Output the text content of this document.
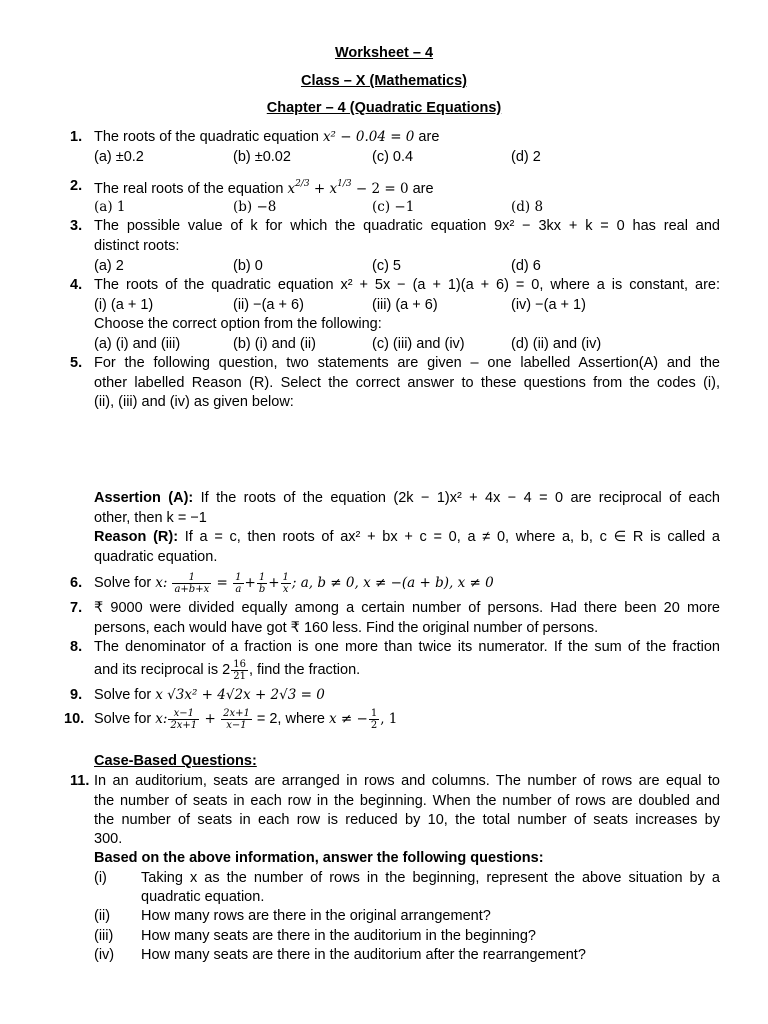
Worksheet – 4
Class – X (Mathematics)
Chapter – 4 (Quadratic Equations)
1. The roots of the quadratic equation x² − 0.04 = 0 are
(a) ±0.2	(b) ±0.02	(c) 0.4	(d) 2
2. The real roots of the equation $x^{2/3} + x^{1/3} - 2 = 0$ are
(a) 1	(b) −8	(c) −1	(d) 8
3. The possible value of k for which the quadratic equation 9x² − 3kx + k = 0 has real and
distinct roots:
(a) 2	(b) 0	(c) 5	(d) 6
4. The roots of the quadratic equation x² + 5x − (a + 1)(a + 6) = 0, where a is constant, are:
(i) (a + 1)	(ii) −(a + 6)	(iii) (a + 6)	(iv) −(a + 1)
Choose the correct option from the following:
(a) (i) and (iii)	(b) (i) and (ii)	(c) (iii) and (iv)	(d) (ii) and (iv)
5. For the following question, two statements are given – one labelled Assertion(A) and the
other labelled Reason (R). Select the correct answer to these questions from the codes (i),
(ii), (iii) and (iv) as given below:
Assertion (A): If the roots of the equation (2k − 1)x² + 4x − 4 = 0 are reciprocal of each
other, then k = −1
Reason (R): If a = c, then roots of ax² + bx + c = 0, a ≠ 0, where a, b, c ∈ R is called a
quadratic equation.
6. Solve for x: $\frac{1}{a+b+x} = \frac{1}{a} + \frac{1}{b} + \frac{1}{x}$ ; a, b ≠ 0, x ≠ −(a + b), x ≠ 0
7. ₹ 9000 were divided equally among a certain number of persons. Had there been 20 more
persons, each would have got ₹ 160 less. Find the original number of persons.
8. The denominator of a fraction is one more than twice its numerator. If the sum of the fraction
and its reciprocal is $2 \frac{16}{21}$ , find the fraction.
9. Solve for x √3x² + 4√2x + 2√3 = 0
10. Solve for x: $\frac{x-1}{2x+1} + \frac{2x+1}{x-1} = 2$, where x ≠ − $\frac{1}{2}$ , 1
Case-Based Questions:
11. In an auditorium, seats are arranged in rows and columns. The number of rows are equal to
the number of seats in each row in the beginning. When the number of rows are doubled and
the number of seats in each row is reduced by 10, the total number of seats increases by
300.
Based on the above information, answer the following questions:
(i) Taking x as the number of rows in the beginning, represent the above situation by a
quadratic equation.
(ii) How many rows are there in the original arrangement?
(iii) How many seats are there in the auditorium in the beginning?
(iv) How many seats are there in the auditorium after the rearrangement?
